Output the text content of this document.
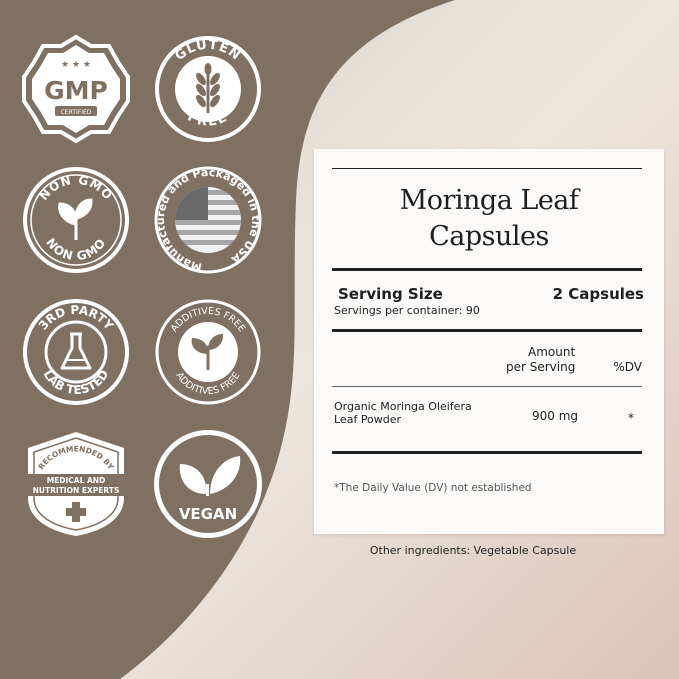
★ ★ ★
GMP
CERTIFIED
GLUTEN
FREE
NON GMO
NON GMO
Manufactured and Packaged in the USA
3RD PARTY
LAB TESTED
ADDITIVES FREE
ADDITIVES FREE
RECOMMENDED BY
MEDICAL AND
NUTRITION EXPERTS
VEGAN
Moringa Leaf
Capsules
Serving Size	2 Capsules
Servings per container: 90
Amount
per Serving	%DV
Organic Moringa Oleifera
Leaf Powder	900 mg	*
*The Daily Value (DV) not established
Other ingredients: Vegetable Capsule
